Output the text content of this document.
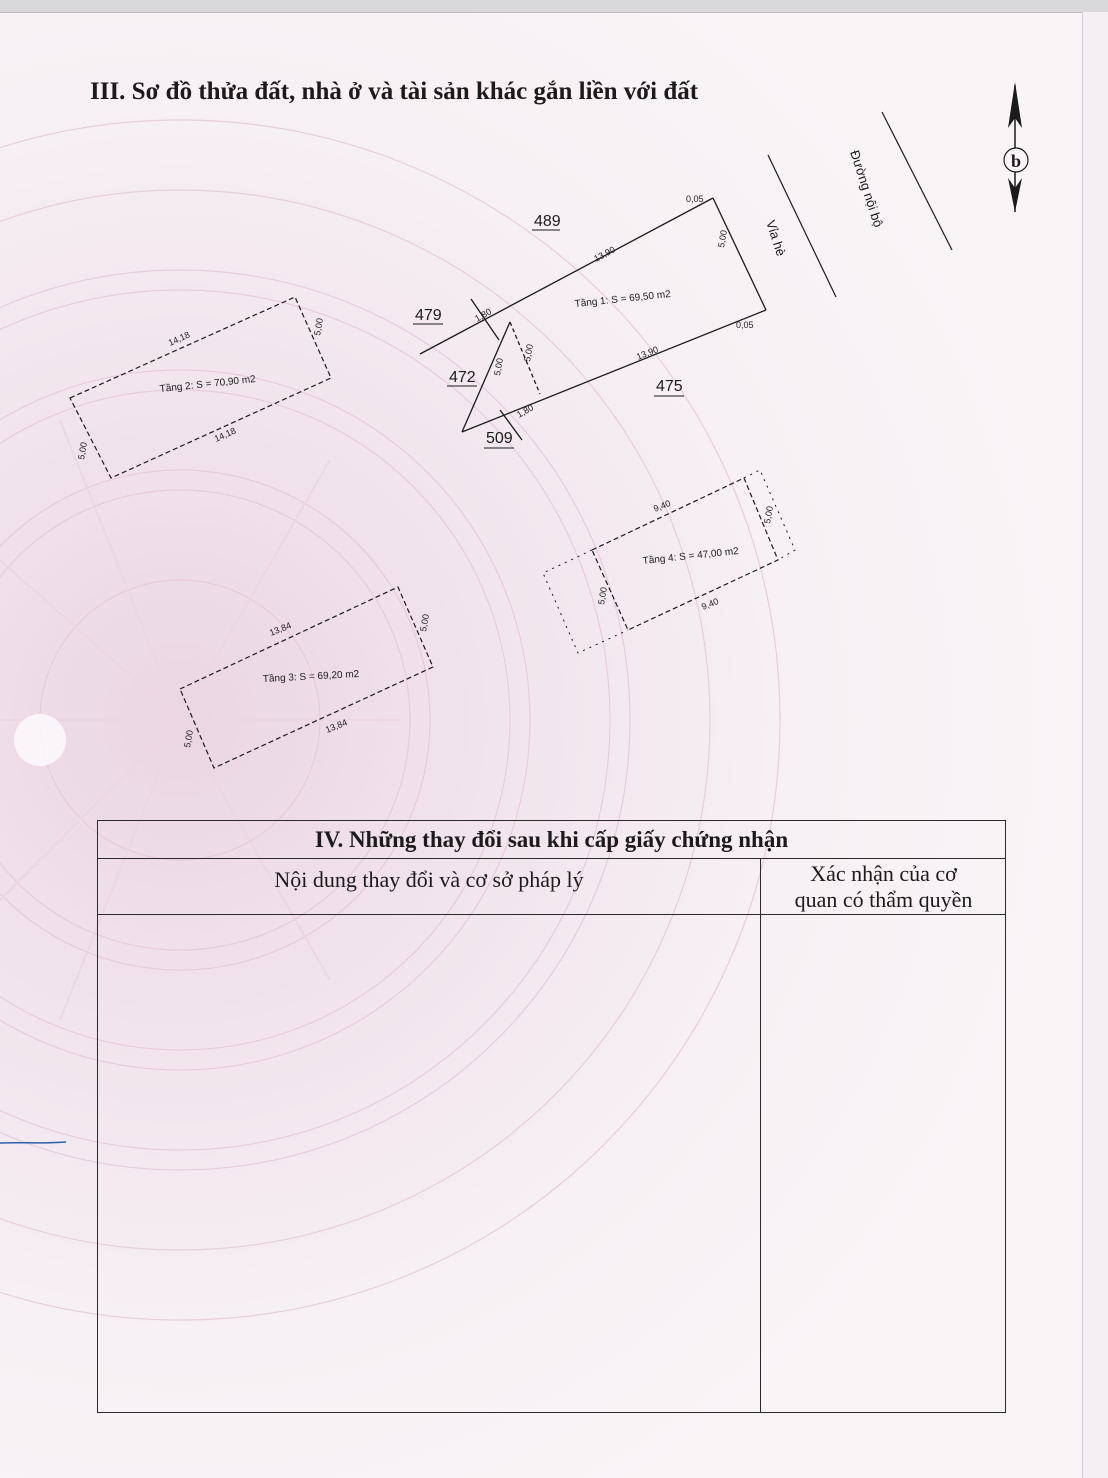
III. Sơ đồ thửa đất, nhà ở và tài sản khác gắn liền với đất
b
Đường nội bộ
Vỉa hè
Tầng 1: S = 69,50 m2
13,90
13,90
5,00
5,00
5,00
0,05
0,05
1,80
1,80
489
479
472
475
509
Tầng 2: S = 70,90 m2
14,18
14,18
5,00
5,00
Tầng 3: S = 69,20 m2
13,84
13,84
5,00
5,00
Tầng 4: S = 47,00 m2
9,40
9,40
5,00
5,00
IV. Những thay đổi sau khi cấp giấy chứng nhận
Nội dung thay đổi và cơ sở pháp lý	Xác nhận của cơ
quan có thẩm quyền
